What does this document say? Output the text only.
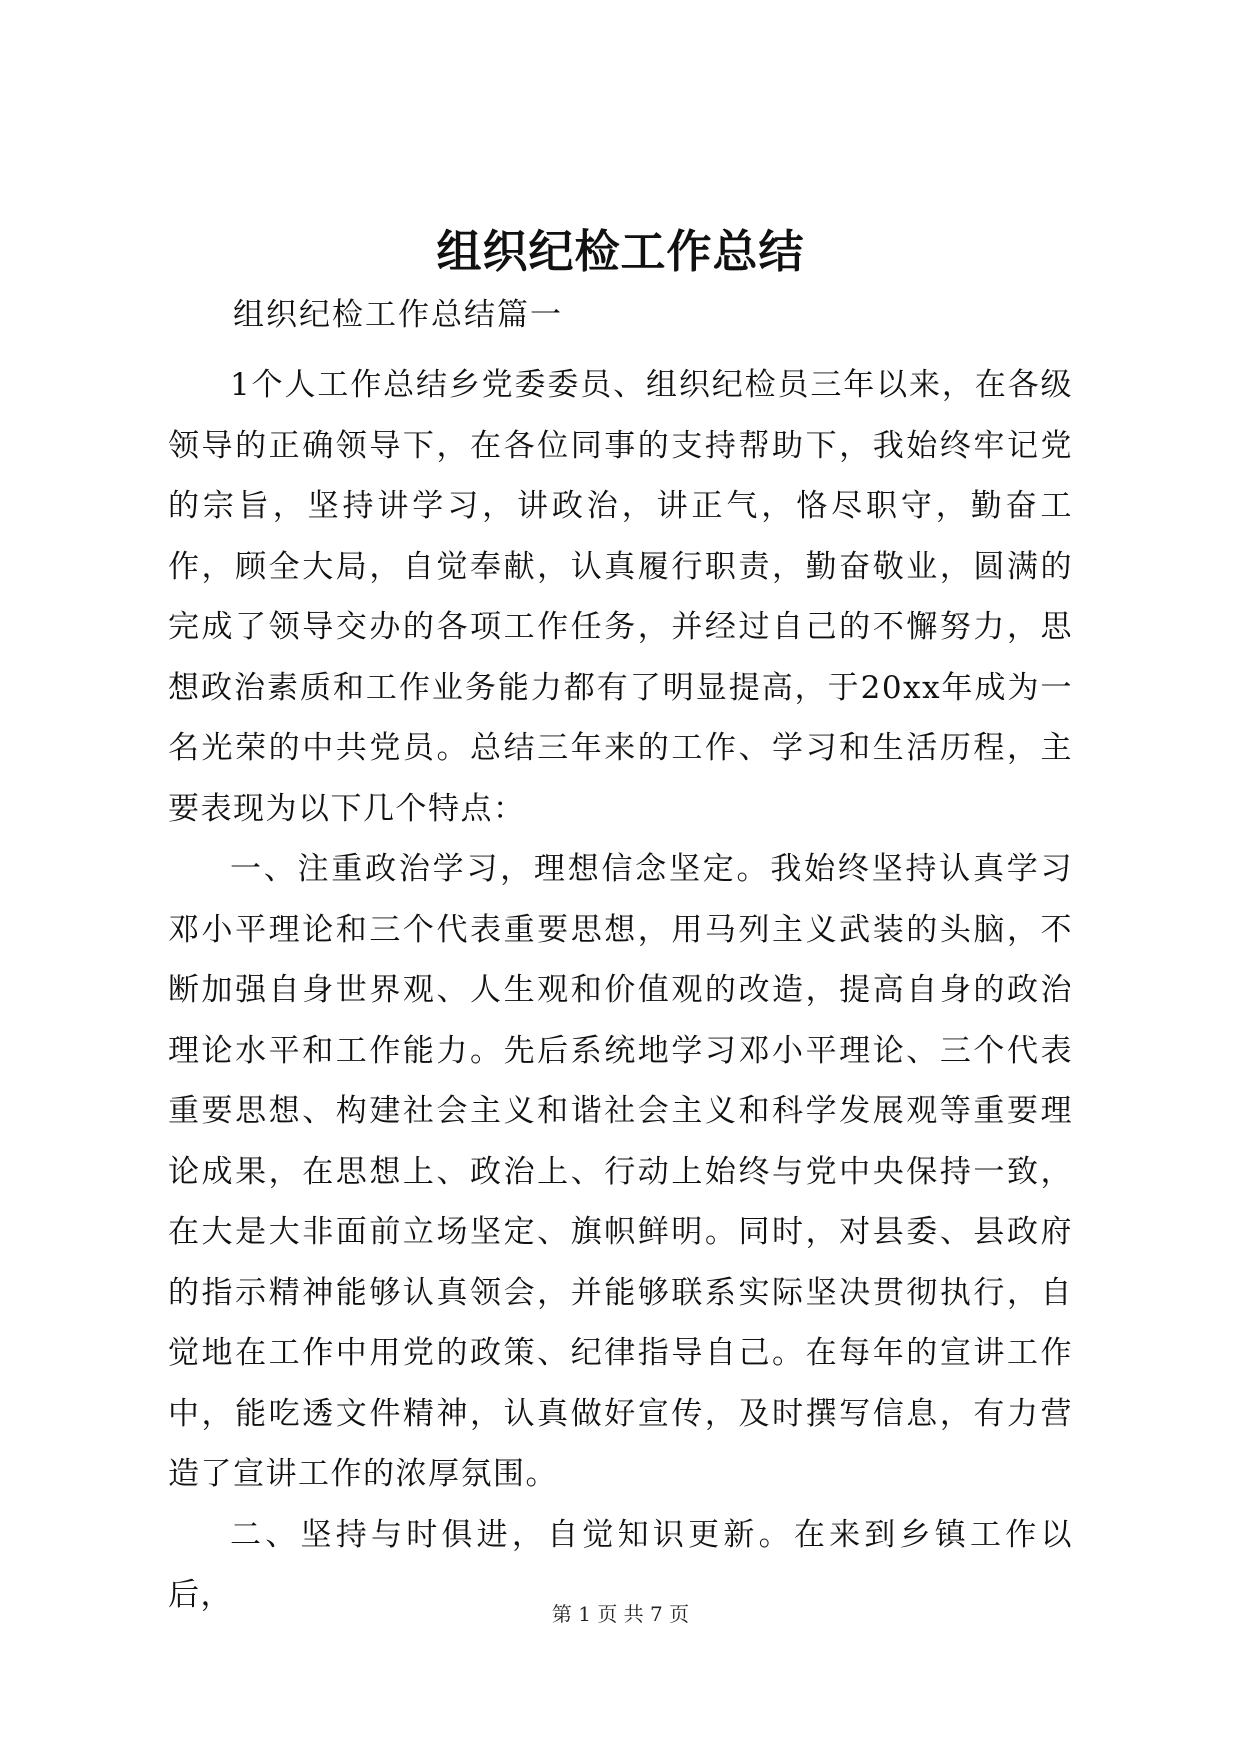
组织纪检工作总结

组织纪检工作总结篇一

1个人工作总结乡党委委员、组织纪检员三年以来，在各级领导的正确领导下，在各位同事的支持帮助下，我始终牢记党的宗旨，坚持讲学习，讲政治，讲正气，恪尽职守，勤奋工作，顾全大局，自觉奉献，认真履行职责，勤奋敬业，圆满的完成了领导交办的各项工作任务，并经过自己的不懈努力，思想政治素质和工作业务能力都有了明显提高，于20xx年成为一名光荣的中共党员。总结三年来的工作、学习和生活历程，主要表现为以下几个特点：

一、注重政治学习，理想信念坚定。我始终坚持认真学习邓小平理论和三个代表重要思想，用马列主义武装的头脑，不断加强自身世界观、人生观和价值观的改造，提高自身的政治理论水平和工作能力。先后系统地学习邓小平理论、三个代表重要思想、构建社会主义和谐社会主义和科学发展观等重要理论成果，在思想上、政治上、行动上始终与党中央保持一致，在大是大非面前立场坚定、旗帜鲜明。同时，对县委、县政府的指示精神能够认真领会，并能够联系实际坚决贯彻执行，自觉地在工作中用党的政策、纪律指导自己。在每年的宣讲工作中，能吃透文件精神，认真做好宣传，及时撰写信息，有力营造了宣讲工作的浓厚氛围。

二、坚持与时俱进，自觉知识更新。在来到乡镇工作以后，

第 1 页 共 7 页
